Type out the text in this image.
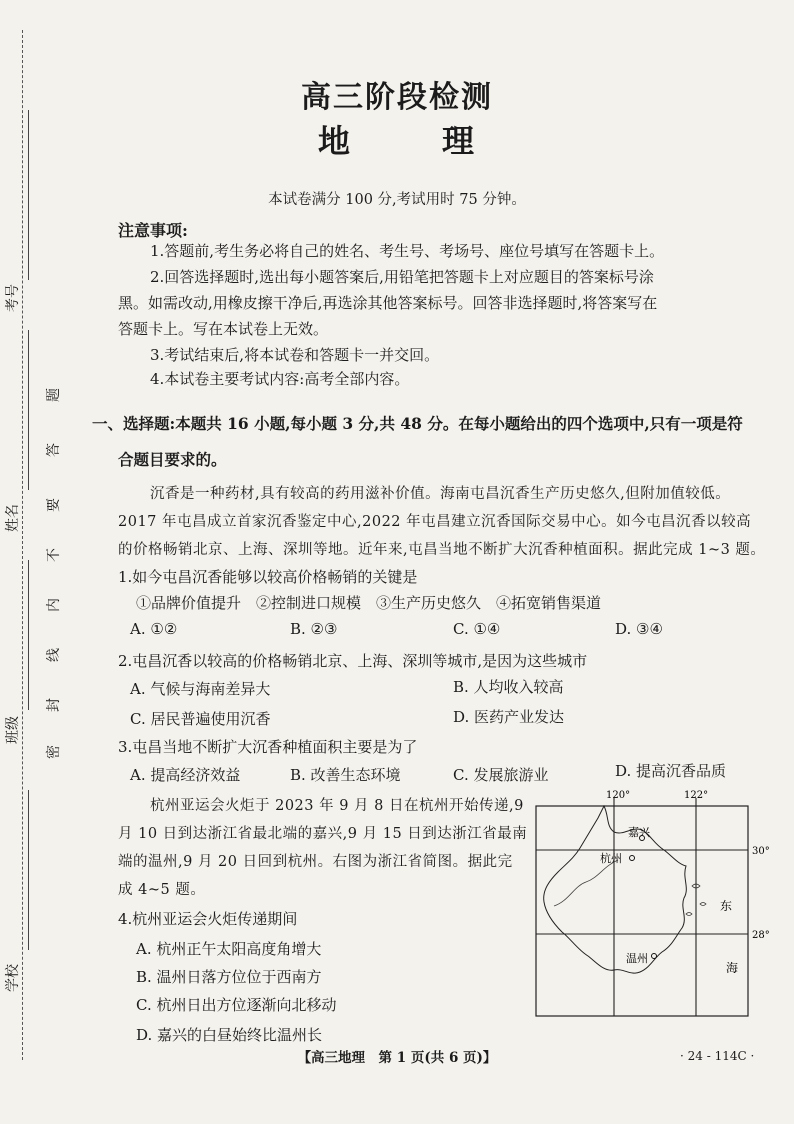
考号
姓名
班级
学校
题
答
要
不
内
线
封
密
高三阶段检测
地	理
本试卷满分 100 分,考试用时 75 分钟。
注意事项:
1.答题前,考生务必将自己的姓名、考生号、考场号、座位号填写在答题卡上。
2.回答选择题时,选出每小题答案后,用铅笔把答题卡上对应题目的答案标号涂
黑。如需改动,用橡皮擦干净后,再选涂其他答案标号。回答非选择题时,将答案写在
答题卡上。写在本试卷上无效。
3.考试结束后,将本试卷和答题卡一并交回。
4.本试卷主要考试内容:高考全部内容。
一、选择题:本题共 16 小题,每小题 3 分,共 48 分。在每小题给出的四个选项中,只有一项是符
合题目要求的。
沉香是一种药材,具有较高的药用滋补价值。海南屯昌沉香生产历史悠久,但附加值较低。
2017 年屯昌成立首家沉香鉴定中心,2022 年屯昌建立沉香国际交易中心。如今屯昌沉香以较高
的价格畅销北京、上海、深圳等地。近年来,屯昌当地不断扩大沉香种植面积。据此完成 1~3 题。
1.如今屯昌沉香能够以较高价格畅销的关键是
①品牌价值提升　②控制进口规模　③生产历史悠久　④拓宽销售渠道
A. ①②	B. ②③	C. ①④	D. ③④
2.屯昌沉香以较高的价格畅销北京、上海、深圳等城市,是因为这些城市
A. 气候与海南差异大	B. 人均收入较高
C. 居民普遍使用沉香	D. 医药产业发达
3.屯昌当地不断扩大沉香种植面积主要是为了
A. 提高经济效益	B. 改善生态环境	C. 发展旅游业	D. 提高沉香品质
杭州亚运会火炬于 2023 年 9 月 8 日在杭州开始传递,9
月 10 日到达浙江省最北端的嘉兴,9 月 15 日到达浙江省最南
端的温州,9 月 20 日回到杭州。右图为浙江省简图。据此完
成 4~5 题。
4.杭州亚运会火炬传递期间
A. 杭州正午太阳高度角增大
B. 温州日落方位位于西南方
C. 杭州日出方位逐渐向北移动
D. 嘉兴的白昼始终比温州长
120°	122°
30°
28°
嘉兴
杭州
温州
东
海
【高三地理　第 1 页(共 6 页)】	· 24 - 114C ·
